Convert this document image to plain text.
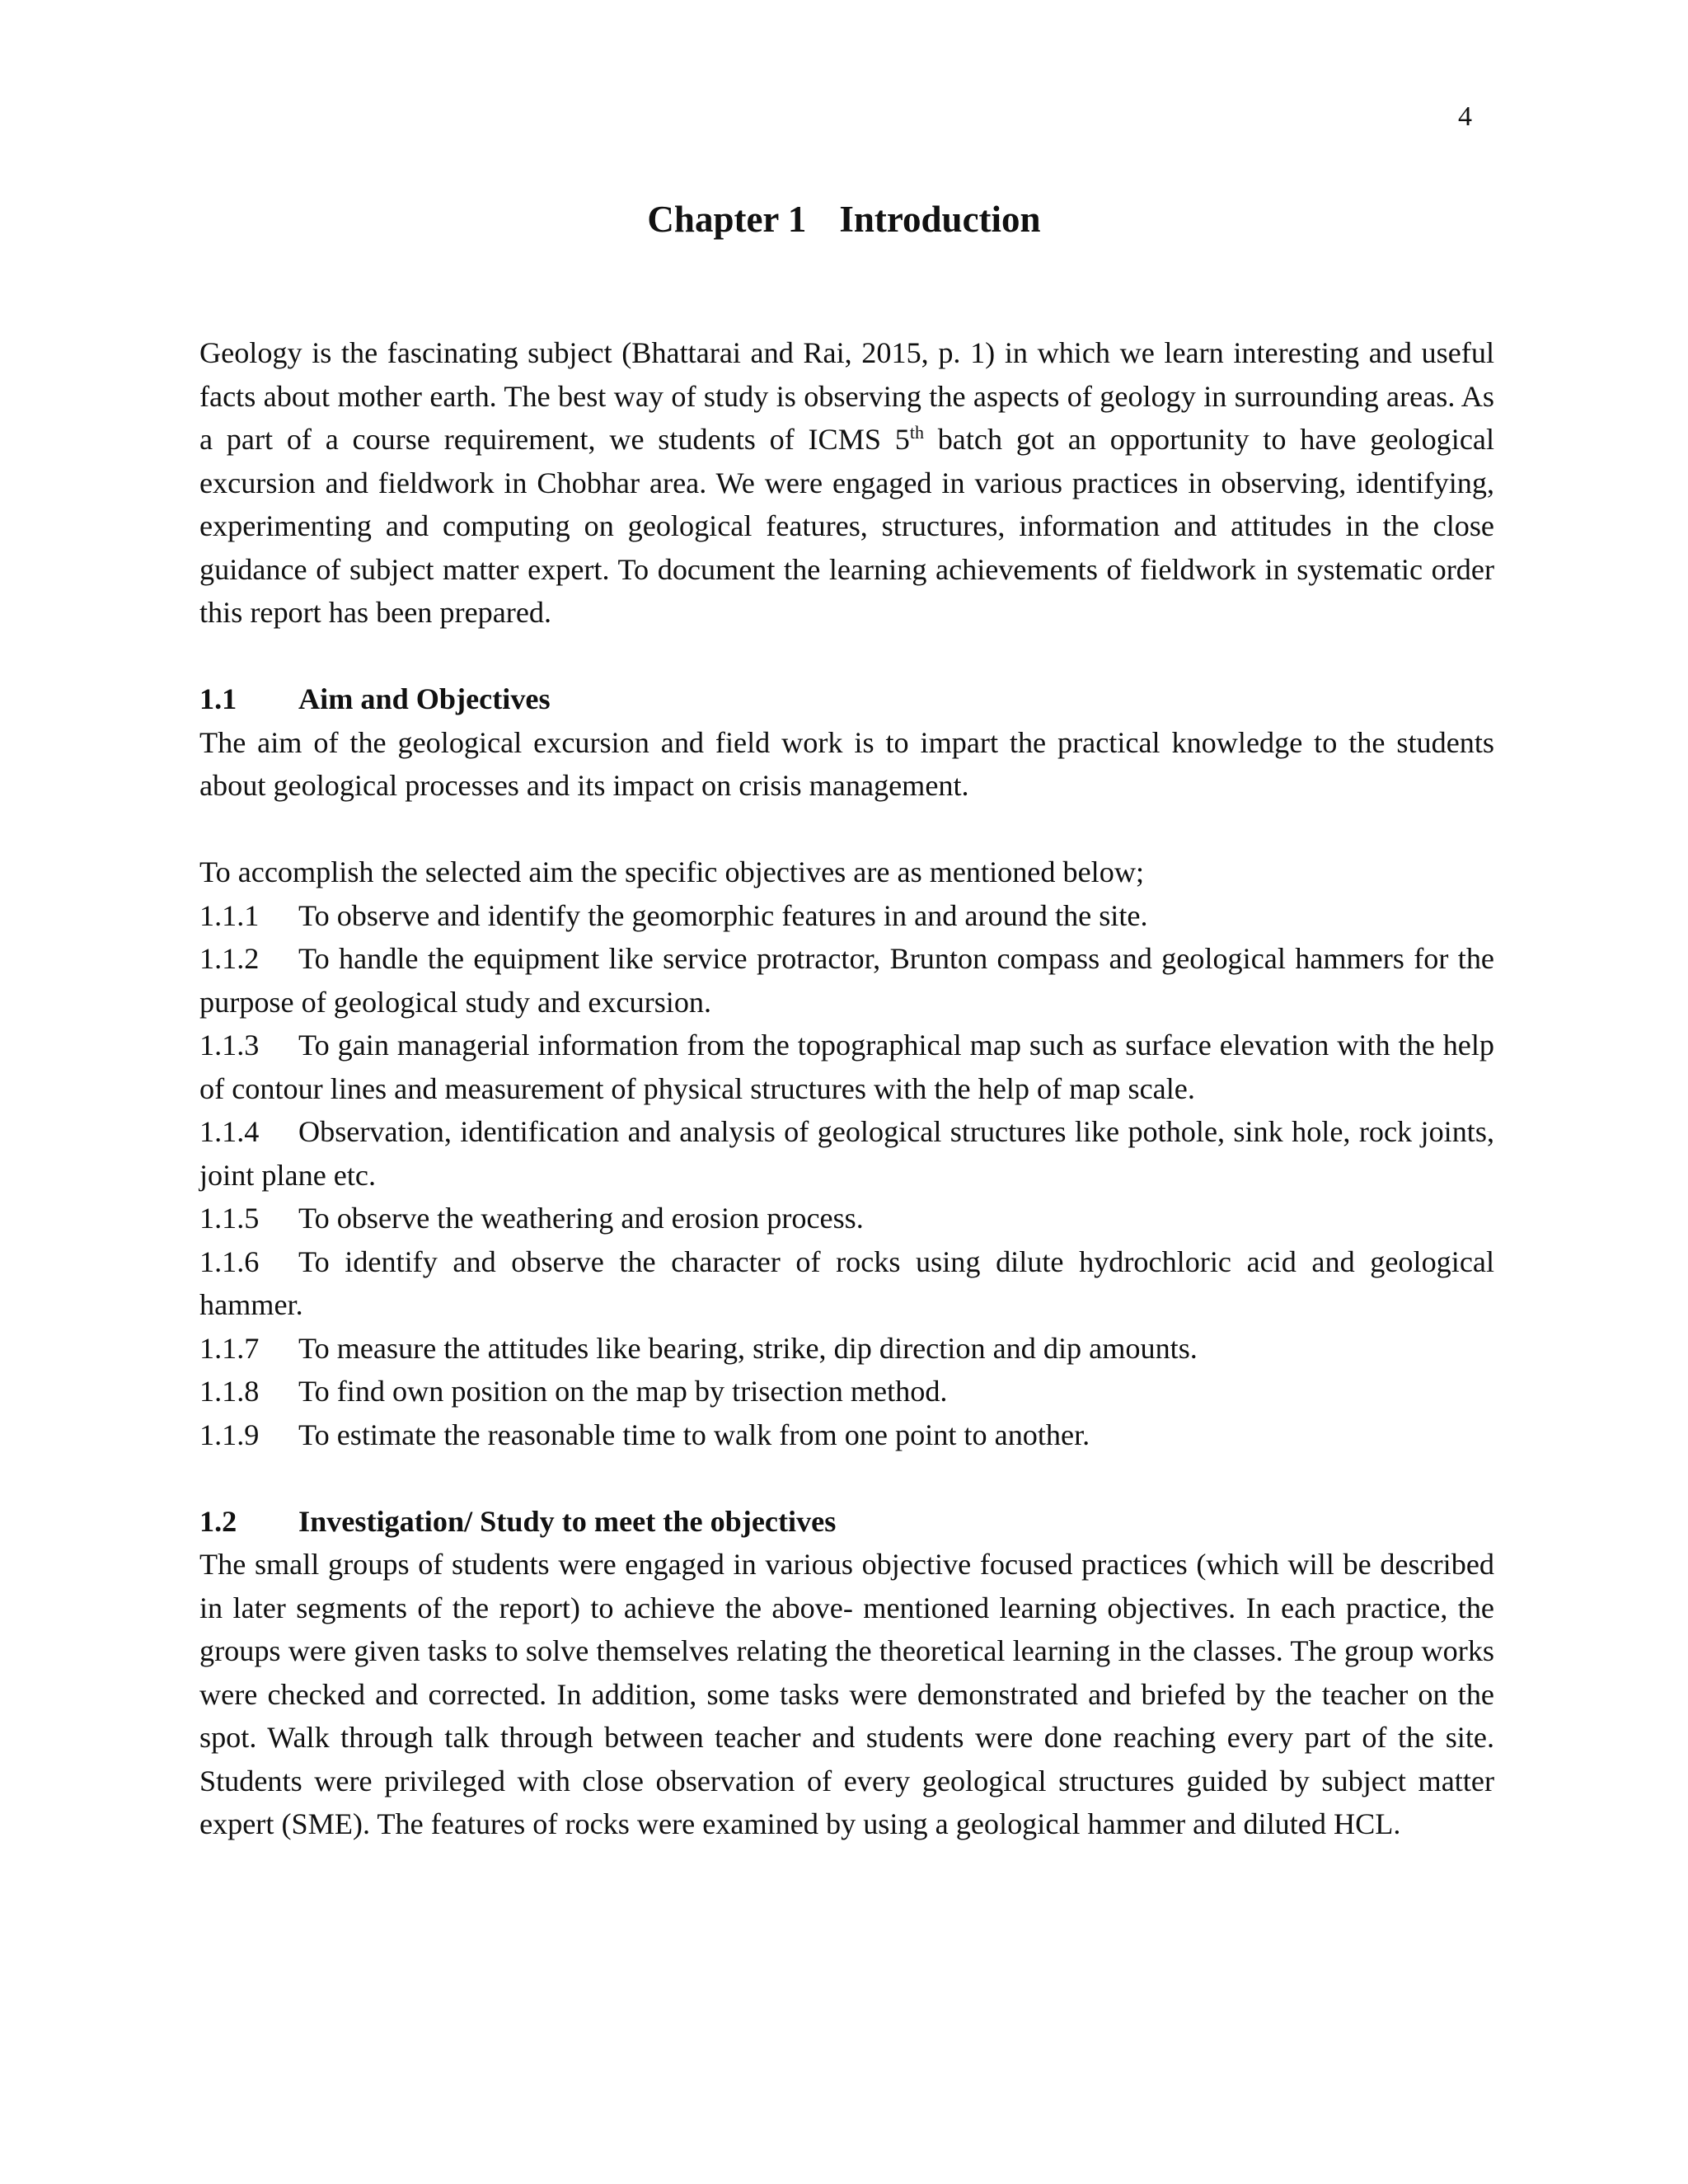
4
Chapter 1 Introduction

Geology is the fascinating subject (Bhattarai and Rai, 2015, p. 1) in which we learn interesting and useful facts about mother earth. The best way of study is observing the aspects of geology in surrounding areas. As a part of a course requirement, we students of ICMS 5th batch got an opportunity to have geological excursion and fieldwork in Chobhar area. We were engaged in various practices in observing, identifying, experimenting and computing on geological features, structures, information and attitudes in the close guidance of subject matter expert. To document the learning achievements of fieldwork in systematic order this report has been prepared.

1.1 Aim and Objectives

The aim of the geological excursion and field work is to impart the practical knowledge to the students about geological processes and its impact on crisis management.

To accomplish the selected aim the specific objectives are as mentioned below;

1.1.1 To observe and identify the geomorphic features in and around the site.

1.1.2 To handle the equipment like service protractor, Brunton compass and geological hammers for the purpose of geological study and excursion.

1.1.3 To gain managerial information from the topographical map such as surface elevation with the help of contour lines and measurement of physical structures with the help of map scale.

1.1.4 Observation, identification and analysis of geological structures like pothole, sink hole, rock joints, joint plane etc.

1.1.5 To observe the weathering and erosion process.

1.1.6 To identify and observe the character of rocks using dilute hydrochloric acid and geological hammer.

1.1.7 To measure the attitudes like bearing, strike, dip direction and dip amounts.

1.1.8 To find own position on the map by trisection method.

1.1.9 To estimate the reasonable time to walk from one point to another.

1.2 Investigation/ Study to meet the objectives

The small groups of students were engaged in various objective focused practices (which will be described in later segments of the report) to achieve the above- mentioned learning objectives. In each practice, the groups were given tasks to solve themselves relating the theoretical learning in the classes. The group works were checked and corrected. In addition, some tasks were demonstrated and briefed by the teacher on the spot. Walk through talk through between teacher and students were done reaching every part of the site. Students were privileged with close observation of every geological structures guided by subject matter expert (SME). The features of rocks were examined by using a geological hammer and diluted HCL.
